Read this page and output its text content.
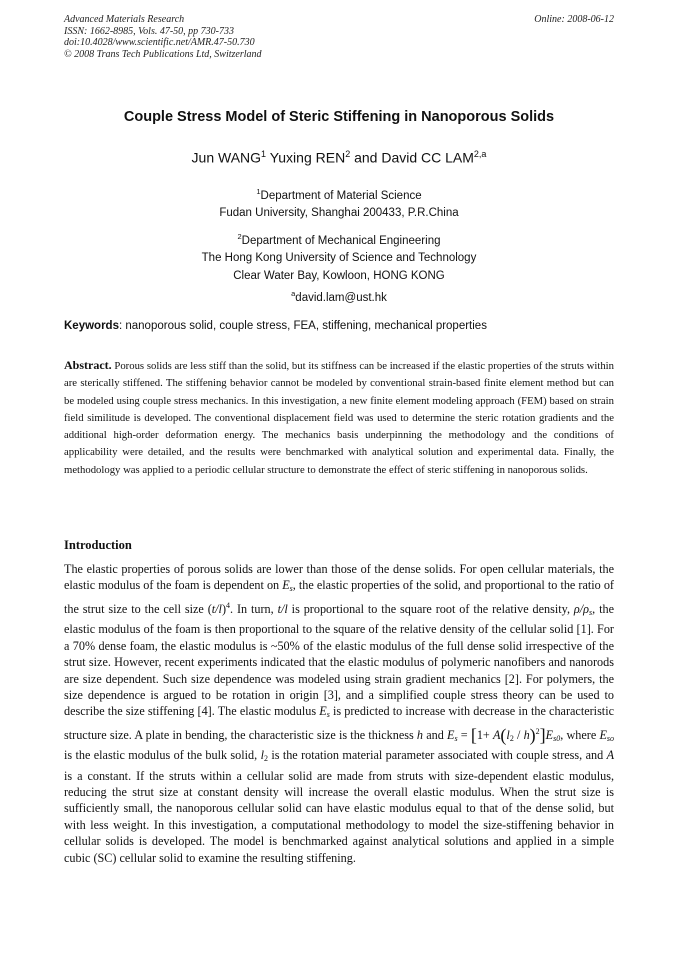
Advanced Materials Research
ISSN: 1662-8985, Vols. 47-50, pp 730-733
doi:10.4028/www.scientific.net/AMR.47-50.730
© 2008 Trans Tech Publications Ltd, Switzerland
Online: 2008-06-12
Couple Stress Model of Steric Stiffening in Nanoporous Solids
Jun WANG$^1$ Yuxing REN$^2$ and David CC LAM$^{2,a}$
$^1$Department of Material Science
Fudan University, Shanghai 200433, P.R.China
$^2$Department of Mechanical Engineering
The Hong Kong University of Science and Technology
Clear Water Bay, Kowloon, HONG KONG
$^a$david.lam@ust.hk
Keywords: nanoporous solid, couple stress, FEA, stiffening, mechanical properties
Abstract. Porous solids are less stiff than the solid, but its stiffness can be increased if the elastic properties of the struts within are sterically stiffened. The stiffening behavior cannot be modeled by conventional strain-based finite element method but can be modeled using couple stress mechanics. In this investigation, a new finite element modeling approach (FEM) based on strain field similitude is developed. The conventional displacement field was used to determine the steric rotation gradients and the additional high-order deformation energy. The mechanics basis underpinning the methodology and the conditions of applicability were detailed, and the results were benchmarked with analytical solution and experimental data. Finally, the methodology was applied to a periodic cellular structure to demonstrate the effect of steric stiffening in nanoporous solids.
Introduction
The elastic properties of porous solids are lower than those of the dense solids. For open cellular materials, the elastic modulus of the foam is dependent on $E_s$, the elastic properties of the solid, and proportional to the ratio of the strut size to the cell size $(t/l)^4$. In turn, t/l is proportional to the square root of the relative density, $\rho/\rho_s$, the elastic modulus of the foam is then proportional to the square of the relative density of the cellular solid [1]. For a 70% dense foam, the elastic modulus is ~50% of the elastic modulus of the full dense solid irrespective of the strut size. However, recent experiments indicated that the elastic modulus of polymeric nanofibers and nanorods are size dependent. Such size dependence was modeled using strain gradient mechanics [2]. For polymers, the size dependence is argued to be rotation in origin [3], and a simplified couple stress theory can be used to describe the size stiffening [4]. The elastic modulus $E_s$ is predicted to increase with decrease in the characteristic structure size. A plate in bending, the characteristic size is the thickness h and $E_s = [1+ A(l_2 / h)^2]E_{s0}$, where $E_{so}$ is the elastic modulus of the bulk solid, $l_2$ is the rotation material parameter associated with couple stress, and A is a constant. If the struts within a cellular solid are made from struts with size-dependent elastic modulus, reducing the strut size at constant density will increase the overall elastic modulus. When the strut size is sufficiently small, the nanoporous cellular solid can have elastic modulus equal to that of the dense solid, but with less weight. In this investigation, a computational methodology to model the size-stiffening behavior in cellular solids is developed. The model is benchmarked against analytical solutions and applied in a simple cubic (SC) cellular solid to examine the resulting stiffening.
